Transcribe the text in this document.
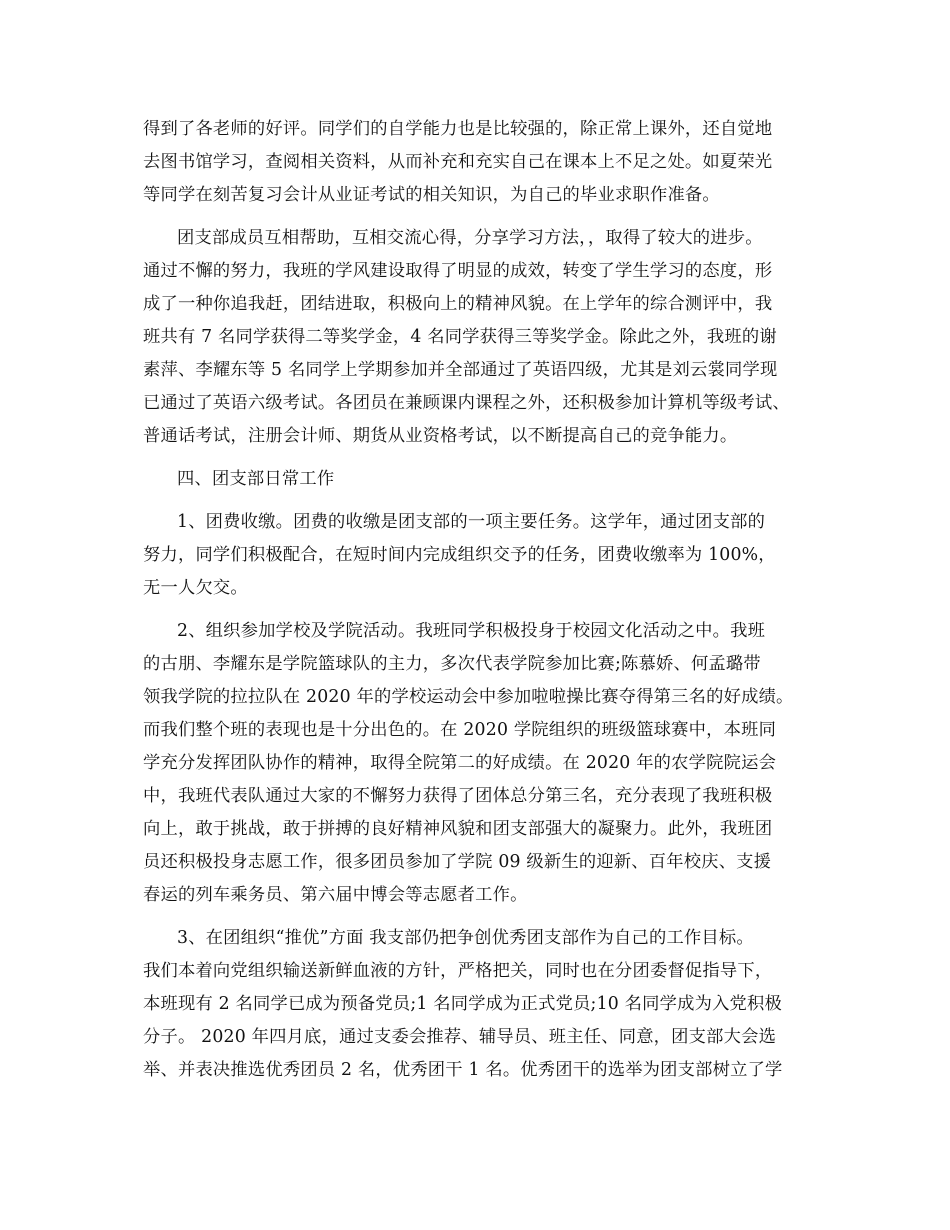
得到了各老师的好评。同学们的自学能力也是比较强的，除正常上课外，还自觉地
去图书馆学习，查阅相关资料，从而补充和充实自己在课本上不足之处。如夏荣光
等同学在刻苦复习会计从业证考试的相关知识，为自己的毕业求职作准备。
团支部成员互相帮助，互相交流心得，分享学习方法，，取得了较大的进步。
通过不懈的努力，我班的学风建设取得了明显的成效，转变了学生学习的态度，形
成了一种你追我赶，团结进取，积极向上的精神风貌。在上学年的综合测评中，我
班共有 7 名同学获得二等奖学金，4 名同学获得三等奖学金。除此之外，我班的谢
素萍、李耀东等 5 名同学上学期参加并全部通过了英语四级，尤其是刘云裳同学现
已通过了英语六级考试。各团员在兼顾课内课程之外，还积极参加计算机等级考试、
普通话考试，注册会计师、期货从业资格考试，以不断提高自己的竞争能力。
四、团支部日常工作
1、团费收缴。团费的收缴是团支部的一项主要任务。这学年，通过团支部的
努力，同学们积极配合，在短时间内完成组织交予的任务，团费收缴率为 100%，
无一人欠交。
2、组织参加学校及学院活动。我班同学积极投身于校园文化活动之中。我班
的古朋、李耀东是学院篮球队的主力，多次代表学院参加比赛;陈慕娇、何孟璐带
领我学院的拉拉队在 2020 年的学校运动会中参加啦啦操比赛夺得第三名的好成绩。
而我们整个班的表现也是十分出色的。在 2020 学院组织的班级篮球赛中，本班同
学充分发挥团队协作的精神，取得全院第二的好成绩。在 2020 年的农学院院运会
中，我班代表队通过大家的不懈努力获得了团体总分第三名，充分表现了我班积极
向上，敢于挑战，敢于拼搏的良好精神风貌和团支部强大的凝聚力。此外，我班团
员还积极投身志愿工作，很多团员参加了学院 09 级新生的迎新、百年校庆、支援
春运的列车乘务员、第六届中博会等志愿者工作。
3、在团组织“推优”方面 我支部仍把争创优秀团支部作为自己的工作目标。
我们本着向党组织输送新鲜血液的方针，严格把关，同时也在分团委督促指导下，
本班现有 2 名同学已成为预备党员;1 名同学成为正式党员;10 名同学成为入党积极
分子。 2020 年四月底，通过支委会推荐、辅导员、班主任、同意，团支部大会选
举、并表决推选优秀团员 2 名，优秀团干 1 名。优秀团干的选举为团支部树立了学
